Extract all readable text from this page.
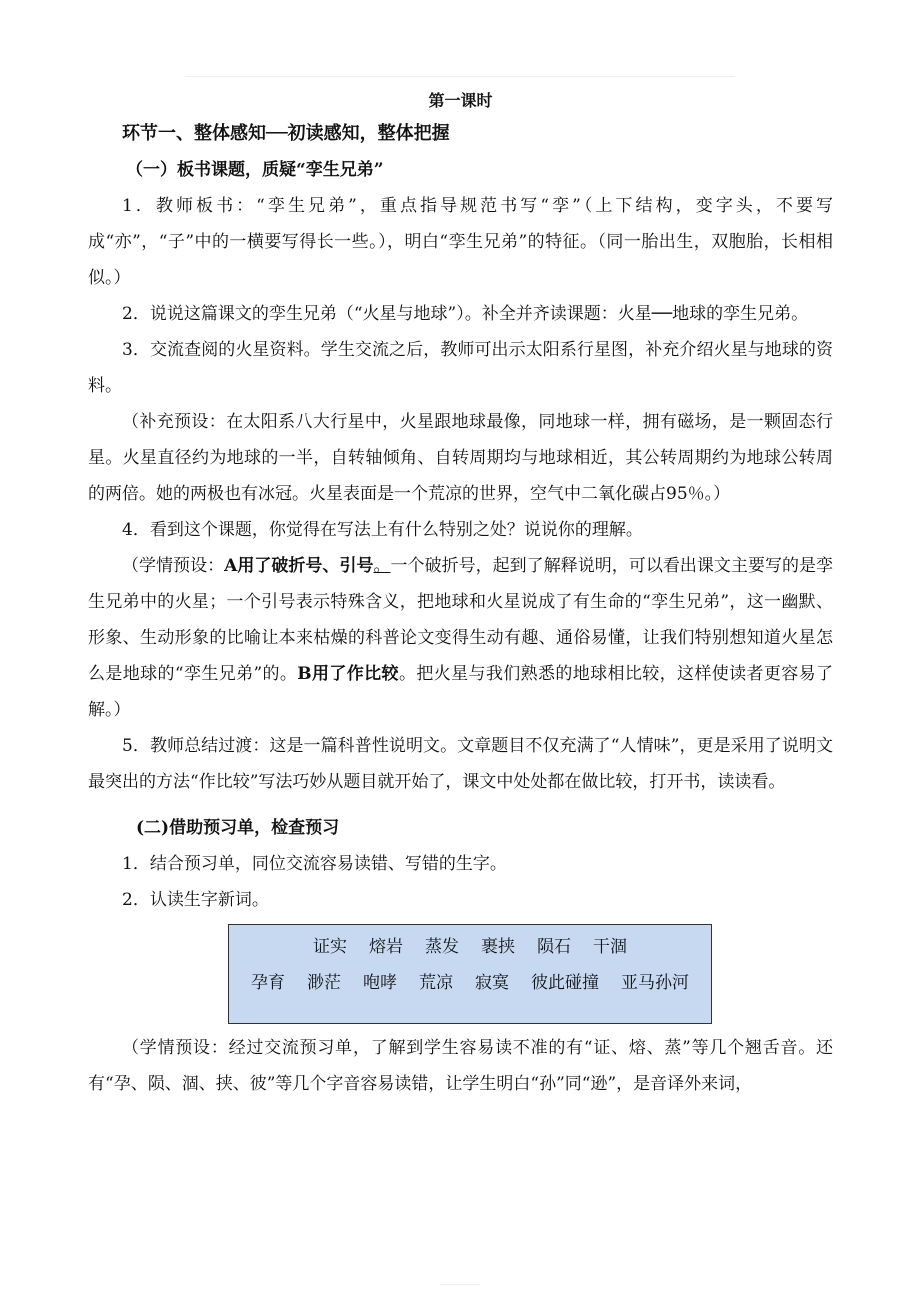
第一课时

环节一、整体感知──初读感知，整体把握

（一）板书课题，质疑“孪生兄弟”

1．教师板书：“孪生兄弟”，重点指导规范书写“孪”（上下结构，变字头，不要写成“亦”，“子”中的一横要写得长一些。），明白“孪生兄弟”的特征。（同一胎出生，双胞胎，长相相似。）

2．说说这篇课文的孪生兄弟（“火星与地球”）。补全并齐读课题：火星──地球的孪生兄弟。

3．交流查阅的火星资料。学生交流之后，教师可出示太阳系行星图，补充介绍火星与地球的资料。

（补充预设：在太阳系八大行星中，火星跟地球最像，同地球一样，拥有磁场，是一颗固态行星。火星直径约为地球的一半，自转轴倾角、自转周期均与地球相近，其公转周期约为地球公转周的两倍。她的两极也有冰冠。火星表面是一个荒凉的世界，空气中二氧化碳占95％。）

4．看到这个课题，你觉得在写法上有什么特别之处？说说你的理解。

（学情预设：A用了破折号、引号。一个破折号，起到了解释说明，可以看出课文主要写的是孪生兄弟中的火星；一个引号表示特殊含义，把地球和火星说成了有生命的“孪生兄弟”，这一幽默、形象、生动形象的比喻让本来枯燥的科普论文变得生动有趣、通俗易懂，让我们特别想知道火星怎么是地球的“孪生兄弟”的。B用了作比较。把火星与我们熟悉的地球相比较，这样使读者更容易了解。）

5．教师总结过渡：这是一篇科普性说明文。文章题目不仅充满了“人情味”，更是采用了说明文最突出的方法“作比较”写法巧妙从题目就开始了，课文中处处都在做比较，打开书，读读看。

(二)借助预习单，检查预习

1．结合预习单，同位交流容易读错、写错的生字。

2．认读生字新词。

证实 熔岩 蒸发 裹挟 陨石 干涸
孕育 渺茫 咆哮 荒凉 寂寞 彼此碰撞 亚马孙河

（学情预设：经过交流预习单，了解到学生容易读不准的有“证、熔、蒸”等几个翘舌音。还有“孕、陨、涸、挟、彼”等几个字音容易读错，让学生明白“孙”同“逊”，是音译外来词，
